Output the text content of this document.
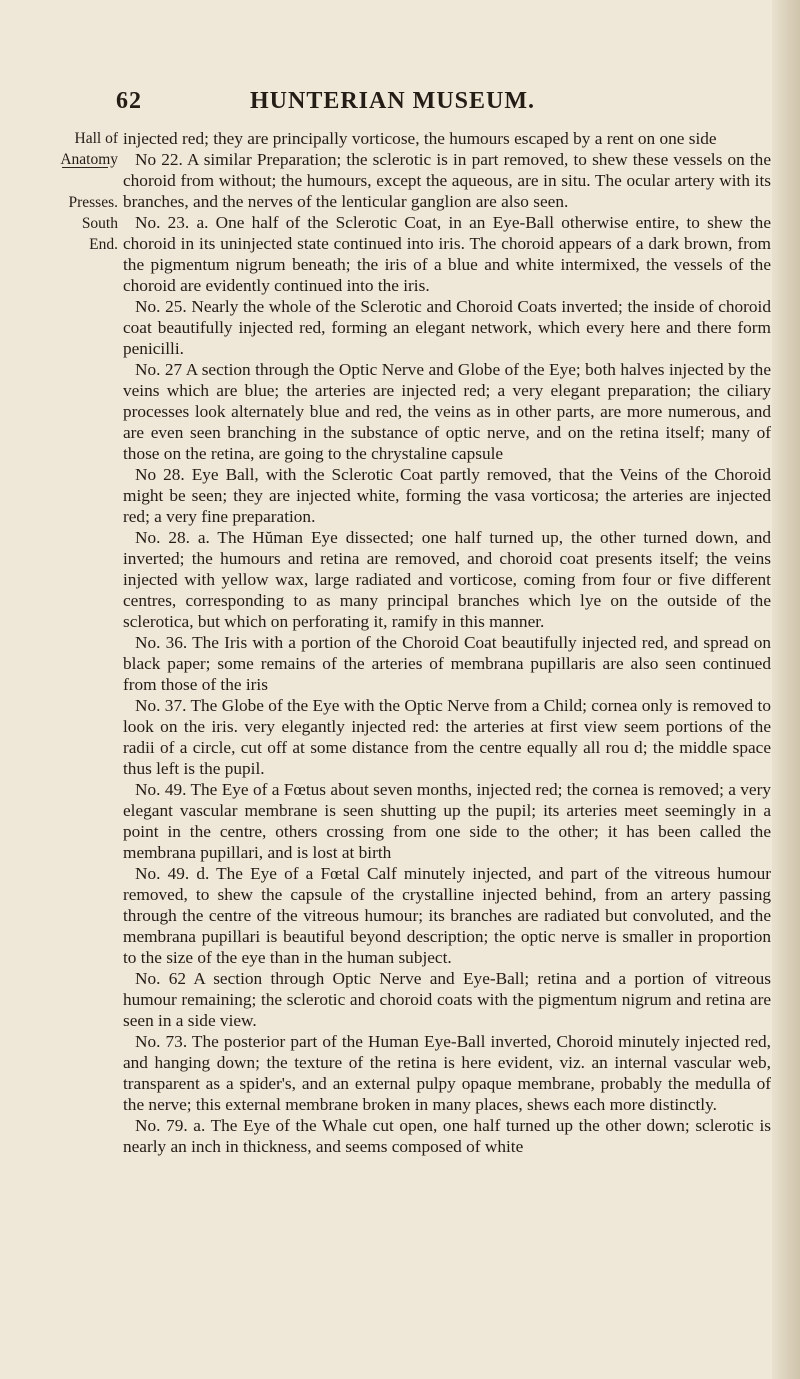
62	HUNTERIAN MUSEUM.
Hall of
Anatomy
Presses.
South End.

injected red; they are principally vorticose, the humours escaped by a rent on one side

No 22. A similar Preparation; the sclerotic is in part removed, to shew these vessels on the choroid from without; the humours, except the aqueous, are in situ. The ocular artery with its branches, and the nerves of the lenticular ganglion are also seen.

No. 23. a. One half of the Sclerotic Coat, in an Eye-Ball otherwise entire, to shew the choroid in its uninjected state continued into iris. The choroid appears of a dark brown, from the pigmentum nigrum beneath; the iris of a blue and white intermixed, the vessels of the choroid are evidently continued into the iris.

No. 25. Nearly the whole of the Sclerotic and Choroid Coats inverted; the inside of choroid coat beautifully injected red, forming an elegant network, which every here and there form penicilli.

No. 27 A section through the Optic Nerve and Globe of the Eye; both halves injected by the veins which are blue; the arteries are injected red; a very elegant preparation; the ciliary processes look alternately blue and red, the veins as in other parts, are more numerous, and are even seen branching in the substance of optic nerve, and on the retina itself; many of those on the retina, are going to the chrystaline capsule

No 28. Eye Ball, with the Sclerotic Coat partly removed, that the Veins of the Choroid might be seen; they are injected white, forming the vasa vorticosa; the arteries are injected red; a very fine preparation.

No. 28. a. The Hŭman Eye dissected; one half turned up, the other turned down, and inverted; the humours and retina are removed, and choroid coat presents itself; the veins injected with yellow wax, large radiated and vorticose, coming from four or five different centres, corresponding to as many principal branches which lye on the outside of the sclerotica, but which on perforating it, ramify in this manner.

No. 36. The Iris with a portion of the Choroid Coat beautifully injected red, and spread on black paper; some remains of the arteries of membrana pupillaris are also seen continued from those of the iris

No. 37. The Globe of the Eye with the Optic Nerve from a Child; cornea only is removed to look on the iris. very elegantly injected red: the arteries at first view seem portions of the radii of a circle, cut off at some distance from the centre equally all rou d; the middle space thus left is the pupil.

No. 49. The Eye of a Fœtus about seven months, injected red; the cornea is removed; a very elegant vascular membrane is seen shutting up the pupil; its arteries meet seemingly in a point in the centre, others crossing from one side to the other; it has been called the membrana pupillari, and is lost at birth

No. 49. d. The Eye of a Fœtal Calf minutely injected, and part of the vitreous humour removed, to shew the capsule of the crystalline injected behind, from an artery passing through the centre of the vitreous humour; its branches are radiated but convoluted, and the membrana pupillari is beautiful beyond description; the optic nerve is smaller in proportion to the size of the eye than in the human subject.

No. 62 A section through Optic Nerve and Eye-Ball; retina and a portion of vitreous humour remaining; the sclerotic and choroid coats with the pigmentum nigrum and retina are seen in a side view.

No. 73. The posterior part of the Human Eye-Ball inverted, Choroid minutely injected red, and hanging down; the texture of the retina is here evident, viz. an internal vascular web, transparent as a spider's, and an external pulpy opaque membrane, probably the medulla of the nerve; this external membrane broken in many places, shews each more distinctly.

No. 79. a. The Eye of the Whale cut open, one half turned up the other down; sclerotic is nearly an inch in thickness, and seems composed of white
